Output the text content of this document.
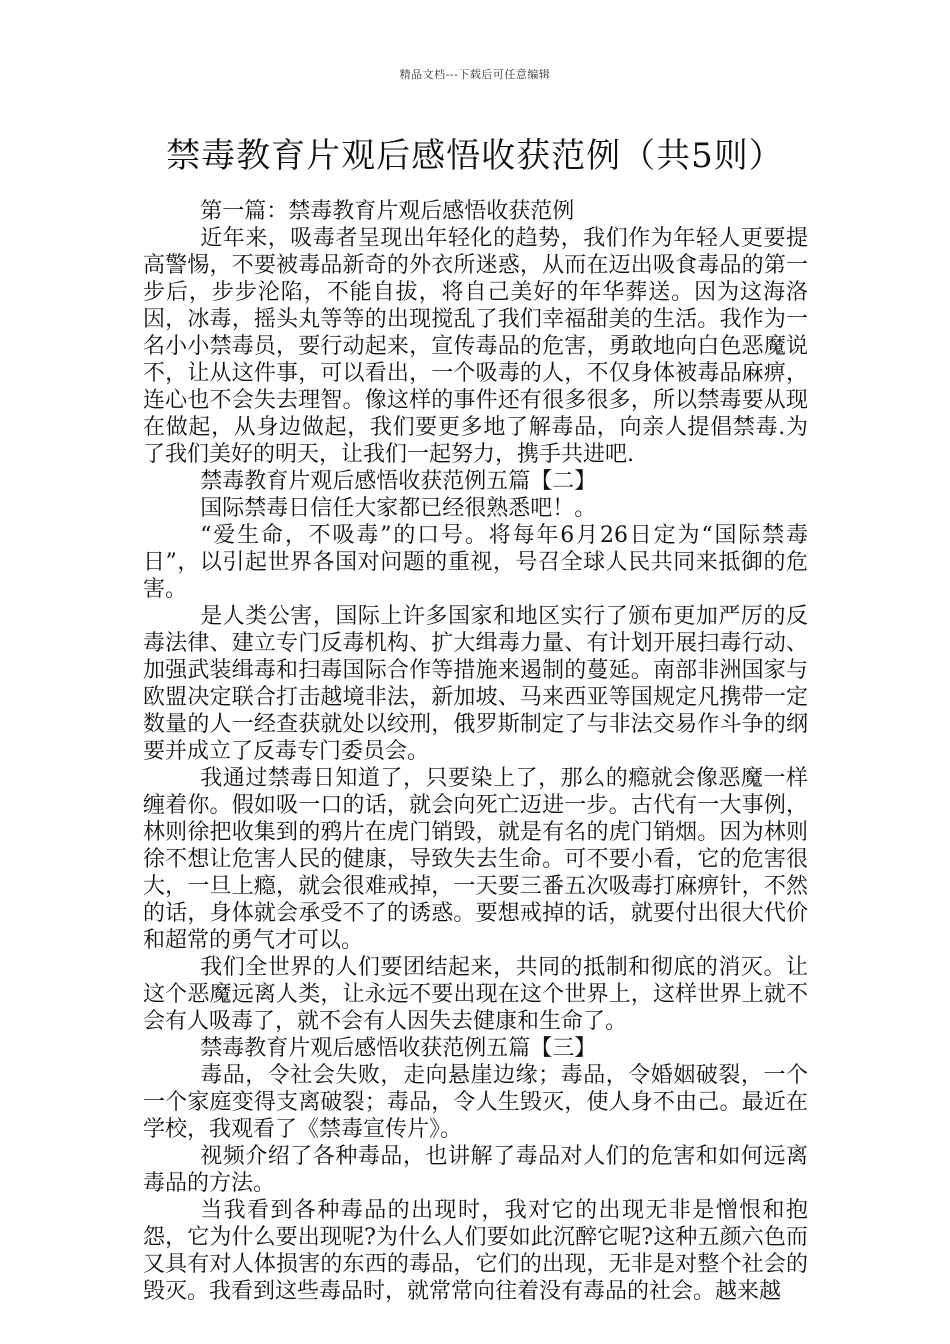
精品文档---下载后可任意编辑
禁毒教育片观后感悟收获范例（共5则）

第一篇：禁毒教育片观后感悟收获范例

近年来，吸毒者呈现出年轻化的趋势，我们作为年轻人更要提高警惕，不要被毒品新奇的外衣所迷惑，从而在迈出吸食毒品的第一步后，步步沦陷，不能自拔，将自己美好的年华葬送。因为这海洛因，冰毒，摇头丸等等的出现搅乱了我们幸福甜美的生活。我作为一名小小禁毒员，要行动起来，宣传毒品的危害，勇敢地向白色恶魔说不，让从这件事，可以看出，一个吸毒的人，不仅身体被毒品麻痹，连心也不会失去理智。像这样的事件还有很多很多，所以禁毒要从现在做起，从身边做起，我们要更多地了解毒品，向亲人提倡禁毒.为了我们美好的明天，让我们一起努力，携手共进吧.

禁毒教育片观后感悟收获范例五篇【二】

国际禁毒日信任大家都已经很熟悉吧！。

“爱生命，不吸毒”的口号。将每年6月26日定为“国际禁毒日”，以引起世界各国对问题的重视，号召全球人民共同来抵御的危害。

是人类公害，国际上许多国家和地区实行了颁布更加严厉的反毒法律、建立专门反毒机构、扩大缉毒力量、有计划开展扫毒行动、加强武装缉毒和扫毒国际合作等措施来遏制的蔓延。南部非洲国家与欧盟决定联合打击越境非法，新加坡、马来西亚等国规定凡携带一定数量的人一经查获就处以绞刑，俄罗斯制定了与非法交易作斗争的纲要并成立了反毒专门委员会。

我通过禁毒日知道了，只要染上了，那么的瘾就会像恶魔一样缠着你。假如吸一口的话，就会向死亡迈进一步。古代有一大事例，林则徐把收集到的鸦片在虎门销毁，就是有名的虎门销烟。因为林则徐不想让危害人民的健康，导致失去生命。可不要小看，它的危害很大，一旦上瘾，就会很难戒掉，一天要三番五次吸毒打麻痹针，不然的话，身体就会承受不了的诱惑。要想戒掉的话，就要付出很大代价和超常的勇气才可以。

我们全世界的人们要团结起来，共同的抵制和彻底的消灭。让这个恶魔远离人类，让永远不要出现在这个世界上，这样世界上就不会有人吸毒了，就不会有人因失去健康和生命了。

禁毒教育片观后感悟收获范例五篇【三】

毒品，令社会失败，走向悬崖边缘；毒品，令婚姻破裂，一个一个家庭变得支离破裂；毒品，令人生毁灭，使人身不由己。最近在学校，我观看了《禁毒宣传片》。

视频介绍了各种毒品，也讲解了毒品对人们的危害和如何远离毒品的方法。

当我看到各种毒品的出现时，我对它的出现无非是憎恨和抱怨，它为什么要出现呢?为什么人们要如此沉醉它呢?这种五颜六色而又具有对人体损害的东西的毒品，它们的出现，无非是对整个社会的毁灭。我看到这些毒品时，就常常向往着没有毒品的社会。越来越
